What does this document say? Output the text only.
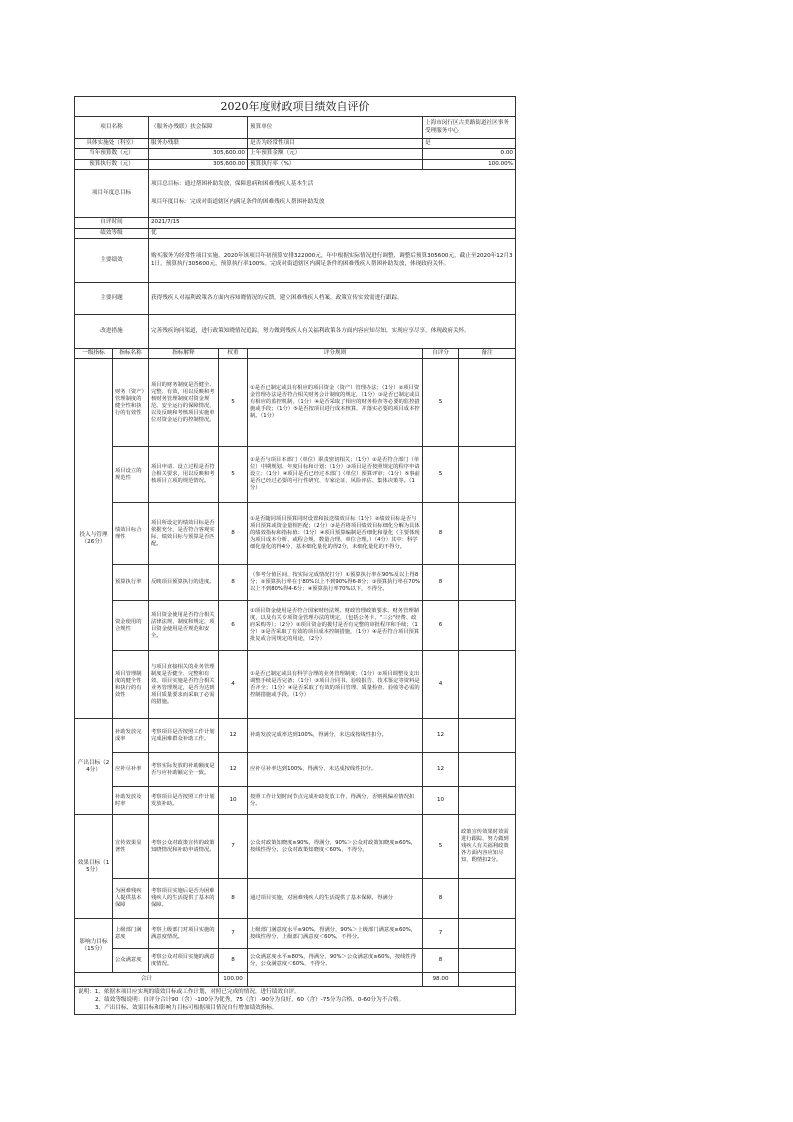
2020年度财政项目绩效自评价						
项目名称		（服务办残联）扶会保障		预算单位	上海市闵行区古美路街道社区事务受理服务中心	
具体实施处（科室）		服务办残联		是否为经常性项目	是	
当年预算数（元）		305,600.00		上年预算金额（元）	0.00	
预算执行数（元）		305,600.00		预算执行率（%）	100.00%	
项目年度总目标		项目总目标：通过帮困补助发放，保障患病和困难残疾人基本生活
项目年度目标：完成对街道辖区内满足条件的困难残疾人帮困补助发放				

自评时间		2021/7/15				
绩效等级		优				
主要绩效		购买服务为经常性项目实施，2020年该项目年初预算安排322000元，年中根据实际情况进行调整，调整后预算305600元，截止至2020年12月31日，预算执行305600元，预算执行率100%。完成对街道辖区内满足条件的困难残疾人帮困补助发放，体现政府关怀。				
主要问题		获得残疾人对福利政策各方面内容知晓情况的反馈，建立困难残疾人档案，政策宣传实效需进行跟踪。				
改进措施		完善残疾询问渠道，进行政策知晓情况追踪。努力做到残疾人有关福利政策各方面内容应知尽知，实现应享尽享，体现政府关怀。				
一级指标	指标名称	指标解释	权重	评分规则	自评分	备注
投入与管理（26分）	财务（资产）管理制度的健全性和执行的有效性	项目的财务制度是否健全、完整、有效，用以反映和考核财务管理制度对资金规范、安全运行的保障情况，以及反映和考核项目实施单位对资金运行的控制情况。	5	①是否已制定或具有相应的项目资金（资产）管理办法；（1分）②项目资金管理办法是否符合相关财务会计制度的规定，（1分）③是否已制定或具有相应的监控机制，（1分）④是否采取了相应的财务检查等必要的监控措施或手段；（1分）⑤是否按项目进行成本核算，并落实必要的项目成本控制。（1分）	5	
	项目设立的规范性	项目申请、设立过程是否符合相关要求，用以反映和考核项目立项的规范情况。	5	①是否与项目本部门（单位）职责密切相关；（1分）②是否符合部门（单位）中期规划、年度目标和计划；（1分）③项目是否按照规定的程序申请设立；（1分）④项目是否已经过本部门（单位）预算评审；（1分）⑤事前是否已经过必要的可行性研究、专家论证、风险评估、集体决策等。（1分）	5	
	绩效目标合理性	项目所设定的绩效目标是否依据充分，是否符合客观实际，绩效目标与预算是否匹配。	8	①是否随同项目预算同时设置和报送绩效目标（1分）②绩效目标是否与项目预算或资金量相匹配；（2分）③是否将项目绩效目标细化分解为具体的绩效指标和指标值；（1分）④项目预算编制是否细化和量化（主要体现为项目成本分析、或程合规、数量合理、单位合理。）（4分）其中：科学细化量化的得4分，基本细化量化的得2分，未细化量化的不得分。	8	
	预算执行率	反映项目预算执行的进度。	8	（参考分值区间，按实际完成情况打分）①预算执行率在90%及以上得8分；②预算执行率在于80%以上不到90%得6-8分；③预算执行率在70%以上不到80%得4-6分；④预算执行率70%以下，不得分。	8	
	资金使用的合规性	项目资金使用是否符合相关法律法规、制度和规定，项目资金使用是否规范和安全。	6	①项目资金使用是否符合国家财经法规、财政管理政策要求、财务管理制度，以及有关专项资金管理办法的规定，（包括公务卡、"三公"经费、政府采购等）；（2分）②项目资金的拨付是否有完整的审批程序和手续；（1分）③是否采取了有效的项目成本控制措施，（1分）④是否符合项目预算批复或合同规定的用途，（2分）	6	
	项目管理制度的健全性和执行的有效性	与项目直接相关的业务管理制度是否健全、完整和有效，项目实施是否符合相关业务管理规定，是否为达到项目质量要求而采取了必需的措施。	4	①是否已制定或具有科学合理的业务管理制度；（1分）②项目调整及支出调整手续是否完备；（1分）③项目合同书、验收报告、技术鉴定等资料是否齐全；（1分）④是否采取了有效的项目管理、质量检查、验收等必需的控制措施或手段。（1分）	4	
产出目标（24分）	补助发放完成率	考察项目是否按照工作计划完成困难群众补助工作。	12	补助发放完成率达到100%，得满分，未达成按线性扣分。	12	
	应补尽补率	考察实际发放的补助额度是否与应补助额完全一致。	12	应补尽补率达到100%，得满分，未达成按线性扣分。	12	
	补助发放及时率	考察项目是否按照工作计划发放补助。	10	按照工作计划时间节点完成补助发放工作，得满分，否则视偏差情况扣分。	10	
效果目标（15分）	宣传效果显著性	考察公众对政策宣传的政策知晓情况和补助申请情况。	7	公众对政策知晓度≥90%，得满分，90%＞公众对政策知晓度≥60%，按线性得分，公众对政策知晓度＜60%，不得分。	5	政策宣传效果时效需进行跟踪，努力做到残疾人有关福利政策各方面内容应知尽知，酌情扣2分。
	为困难残疾人提供基本保障	考察项目实施后是否为困难残疾人的生活提供了基本的保障。	8	通过项目实施，对困难残疾人的生活提供了基本保障，得满分	8	
影响力目标（15分）	上级部门满意度	考察上级部门对项目实施的满意度情况。	7	上级部门满意度水平≥90%，得满分，90%＞上级部门满意度≥60%，按线性得分，上级部门满意度＜60%，不得分。	7	
	公众满意度	考察公众对项目实施的满意度情况。	8	公众满意度水平≥80%，得满分，90%＞公众满意度≥60%，按线性得分，公众满意度＜60%，不得分。	8	
合计			100.00		98.00	

说明：1、依据本项目应实现的绩效目标或工作计划，对照已完成的情况，进行绩效自评。
2、绩效等级说明：自评分合计90（含）-100分为优秀，75（含）-90分为良好，60（含）-75分为合格，0-60分为不合格。
3、产出目标、效果目标和影响力目标可根据项目情况自行增加绩效指标。						
